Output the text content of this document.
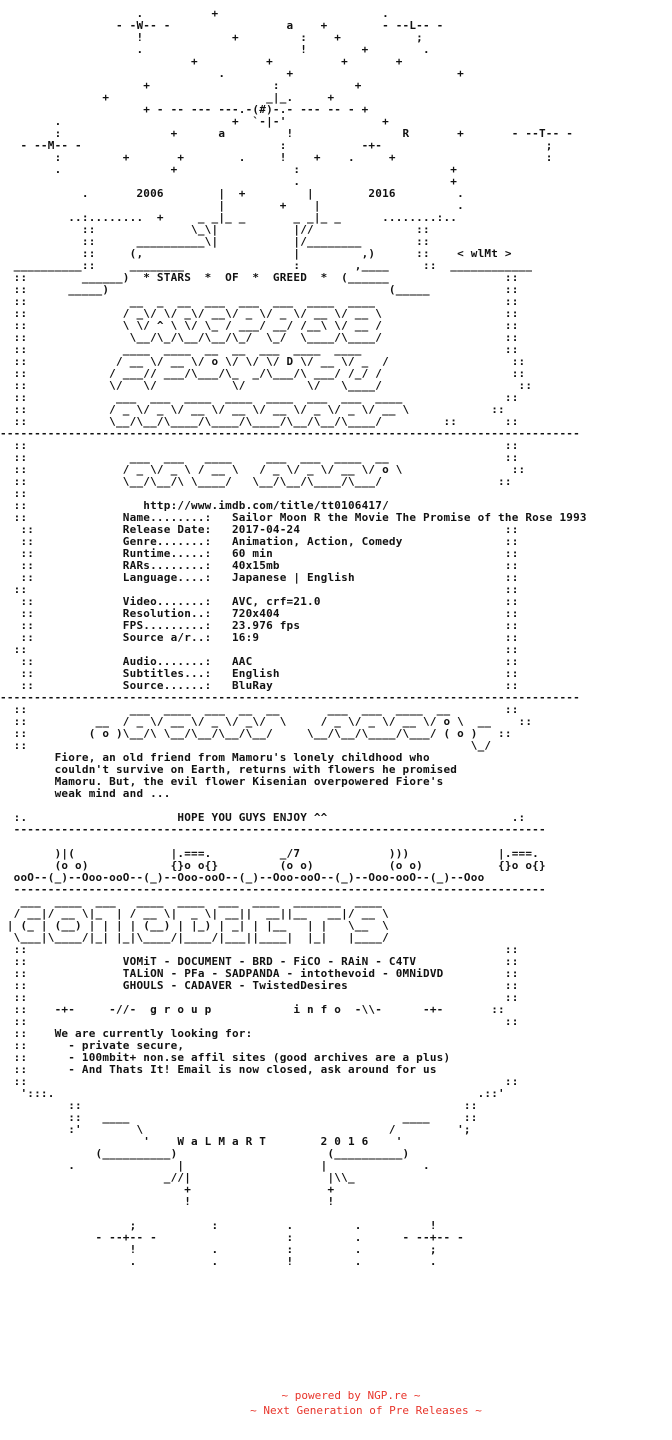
.          +                        .
- -W-- -                 a    +        - --L-- -
!             +         :    +           ;
.                       !        +        .
+          +          +       +
.         +                        +
+                  :           +
+                       _|_.     +
+ - -- --- ---.-(#)-.- --- -- - +
.                         +  `-|-'              +
:                +      a         !                R       +       - --T-- -
- --M-- -                             :           -+-                        ;
:         +       +        .     !    +    .     +                      :
.                +                 :                      +
.                      +
.       2006        |  +         |        2016         .
|        +    |                    .
..:........  +     _ _|_ _       _ _|_ _      ........:..
::              \_\|           |//               ::
::      __________\|           |/________        ::
::     (,                      |         ,)      ::    < wlMt >
__________::     ________                :        ,____     ::  ____________
::        ______)  * STARS  *  OF  *  GREED  *  (______                 ::
::      _____)                                         (_____           ::
::               __  _  __  ___  ___  ___  ____  ____                   ::
::              / _\/ \/ _\/ __\/ _ \/ _ \/ __ \/ __ \                  ::
::              \ \/ ^ \ \/ \_ / ___/ __/ /__\ \/ __ /                  ::
::               \__/\_/\__/\__/\_/  \_/  \____/\____/                  ::
::              ____  ____  __  __  ___  ____  ____                     ::
::             / __ \/ __ \/ o \/ \/ \/ D \/ __ \/ _  /                  ::
::            / ___// ___/\___/\_  _/\___/\ ___/ /_/ /                   ::
::            \/   \/           \/         \/   \____/                    ::
::             ___  ___  ____  ____  ____  ___  ___  ____               ::
::            / _ \/ _ \/ __ \/ __ \/ __ \/ _ \/ _ \/ __ \            ::
::            \__/\__/\____/\____/\____/\__/\__/\____/         ::       ::
-------------------------------------------------------------------------------------
::                                                                      ::
::               ___  ___   ____     ___  ___  ____  __                 ::
::              / _ \/ _ \ / __ \   / _ \/ _ \/ __ \/ o \                ::
::              \__/\__/\ \____/   \__/\__/\____/\___/                 ::
::
::                 http://www.imdb.com/title/tt0106417/
::              Name........:   Sailor Moon R the Movie The Promise of the Rose 1993
::             Release Date:   2017-04-24                              ::
::             Genre.......:   Animation, Action, Comedy               ::
::             Runtime.....:   60 min                                  ::
::             RARs........:   40x15mb                                 ::
::             Language....:   Japanese | English                      ::
::                                                                      ::
::             Video.......:   AVC, crf=21.0                           ::
::             Resolution..:   720x404                                 ::
::             FPS.........:   23.976 fps                              ::
::             Source a/r..:   16:9                                    ::
::                                                                      ::
::             Audio.......:   AAC                                     ::
::             Subtitles...:   English                                 ::
::             Source......:   BluRay                                  ::
-------------------------------------------------------------------------------------
::               ___  ____  ___  __  __       ___  ___  ____  __        ::
::          __  / _ \/ __ \/ _ \/ _\/  \     / _ \/ _ \/ __ \/ o \  __    ::
::         ( o )\__/\ \__/\__/\__/\__/     \__/\__/\____/\___/ ( o )   ::
::                                                                 \_/
Fiore, an old friend from Mamoru's lonely childhood who
couldn't survive on Earth, returns with flowers he promised
Mamoru. But, the evil flower Kisenian overpowered Fiore's
weak mind and ...

:.                      HOPE YOU GUYS ENJOY ^^                           .:
------------------------------------------------------------------------------

)|(              |.===.          _/7             )))             |.===.
(o o)            {}o o{}         (o o)           (o o)           {}o o{}
ooO--(_)--Ooo-ooO--(_)--Ooo-ooO--(_)--Ooo-ooO--(_)--Ooo-ooO--(_)--Ooo
------------------------------------------------------------------------------
___  ____  ___   ____  ____  ___  ____  _______  ____
/ __|/ __ \|_  | / __ \|  _ \| __||  __||__   __|/ __ \
| (_ | (__) | | | | (__) | |_) | _| | |__   | |   \__  \
\___|\____/|_| |_|\____/|____/|___||____|  |_|   |____/
::                                                                      ::
::              VOMiT - DOCUMENT - BRD - FiCO - RAiN - C4TV             ::
::              TALiON - PFa - SADPANDA - intothevoid - 0MNiDVD         ::
::              GHOULS - CADAVER - TwistedDesires                       ::
::                                                                      ::
::    -+-     -//-  g r o u p            i n f o  -\\-      -+-       ::
::                                                                      ::
::    We are currently looking for:
::      - private secure,
::      - 100mbit+ non.se affil sites (good archives are a plus)
::      - And Thats It! Email is now closed, ask around for us
::                                                                      ::
':::.                                                              .::'
::                                                        ::
::   ____                                        ____     ::
:'        \                                    /         ';
'    W a L M a R T        2 0 1 6    '
(__________)                      (__________)
.               |                    |              .
_//|                    |\\_
+                    +
!                    !

;           :          .         .          !
- --+-- -                   :         .      - --+-- -
!           .          :         .          ;
.           .          !         .          .
~ powered by NGP.re ~
~ Next Generation of Pre Releases ~
